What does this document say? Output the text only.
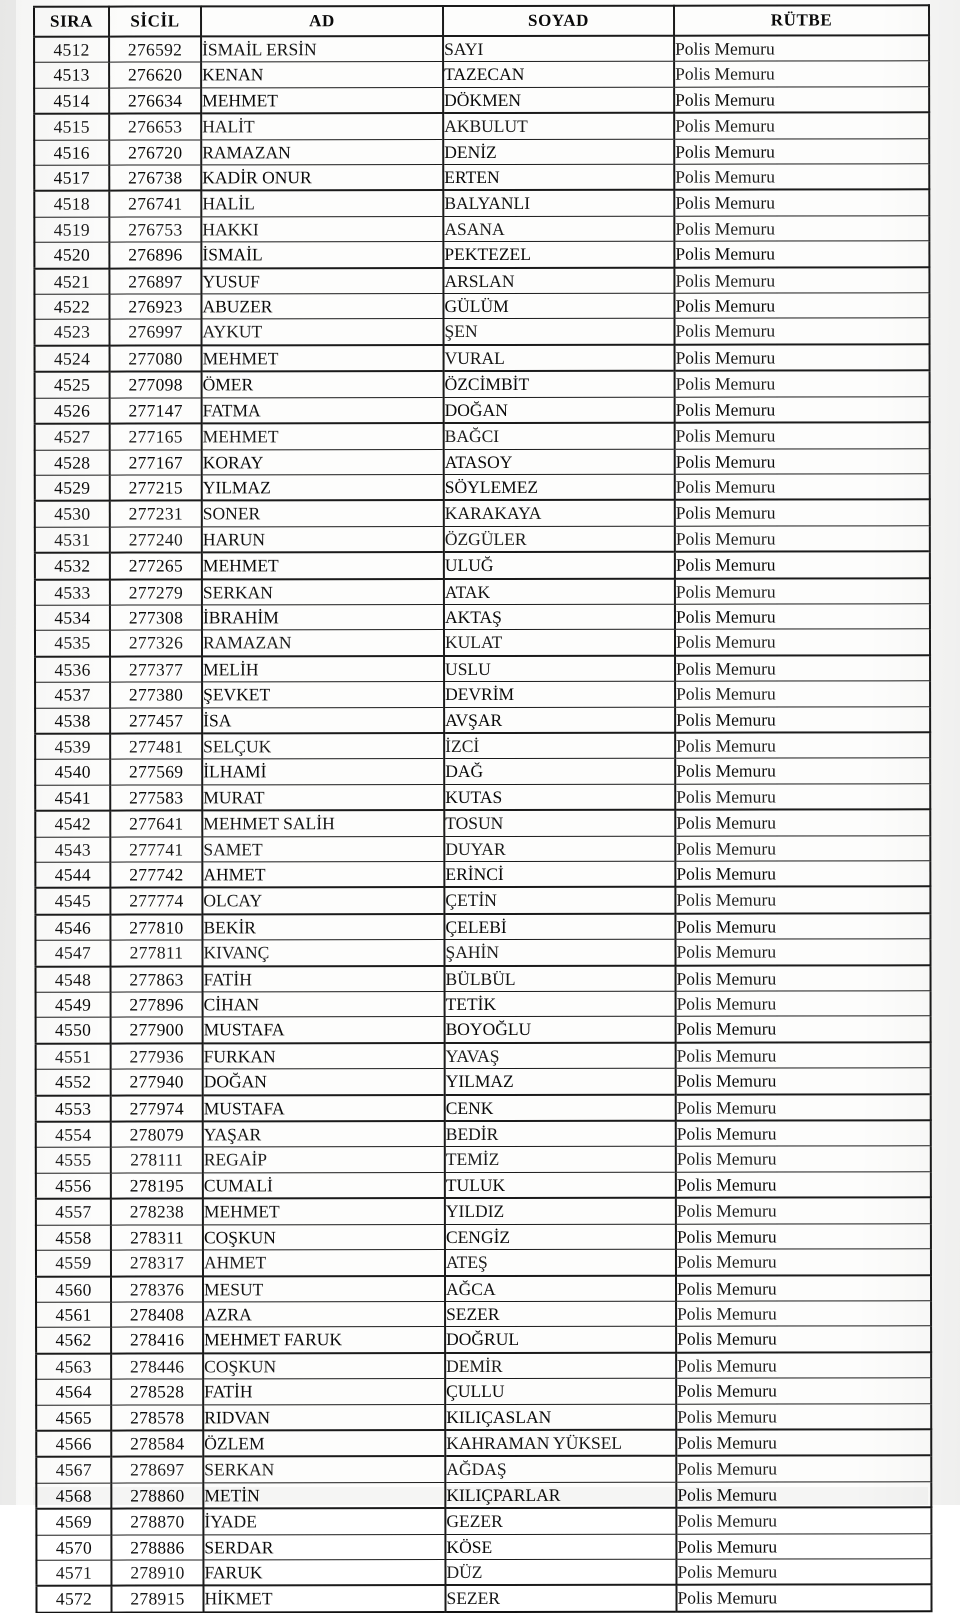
SIRA	SİCİL	AD	SOYAD	RÜTBE
4512	276592	İSMAİL ERSİN	SAYI	Polis Memuru
4513	276620	KENAN	TAZECAN	Polis Memuru
4514	276634	MEHMET	DÖKMEN	Polis Memuru
4515	276653	HALİT	AKBULUT	Polis Memuru
4516	276720	RAMAZAN	DENİZ	Polis Memuru
4517	276738	KADİR ONUR	ERTEN	Polis Memuru
4518	276741	HALİL	BALYANLI	Polis Memuru
4519	276753	HAKKI	ASANA	Polis Memuru
4520	276896	İSMAİL	PEKTEZEL	Polis Memuru
4521	276897	YUSUF	ARSLAN	Polis Memuru
4522	276923	ABUZER	GÜLÜM	Polis Memuru
4523	276997	AYKUT	ŞEN	Polis Memuru
4524	277080	MEHMET	VURAL	Polis Memuru
4525	277098	ÖMER	ÖZCİMBİT	Polis Memuru
4526	277147	FATMA	DOĞAN	Polis Memuru
4527	277165	MEHMET	BAĞCI	Polis Memuru
4528	277167	KORAY	ATASOY	Polis Memuru
4529	277215	YILMAZ	SÖYLEMEZ	Polis Memuru
4530	277231	SONER	KARAKAYA	Polis Memuru
4531	277240	HARUN	ÖZGÜLER	Polis Memuru
4532	277265	MEHMET	ULUĞ	Polis Memuru
4533	277279	SERKAN	ATAK	Polis Memuru
4534	277308	İBRAHİM	AKTAŞ	Polis Memuru
4535	277326	RAMAZAN	KULAT	Polis Memuru
4536	277377	MELİH	USLU	Polis Memuru
4537	277380	ŞEVKET	DEVRİM	Polis Memuru
4538	277457	İSA	AVŞAR	Polis Memuru
4539	277481	SELÇUK	İZCİ	Polis Memuru
4540	277569	İLHAMİ	DAĞ	Polis Memuru
4541	277583	MURAT	KUTAS	Polis Memuru
4542	277641	MEHMET SALİH	TOSUN	Polis Memuru
4543	277741	SAMET	DUYAR	Polis Memuru
4544	277742	AHMET	ERİNCİ	Polis Memuru
4545	277774	OLCAY	ÇETİN	Polis Memuru
4546	277810	BEKİR	ÇELEBİ	Polis Memuru
4547	277811	KIVANÇ	ŞAHİN	Polis Memuru
4548	277863	FATİH	BÜLBÜL	Polis Memuru
4549	277896	CİHAN	TETİK	Polis Memuru
4550	277900	MUSTAFA	BOYOĞLU	Polis Memuru
4551	277936	FURKAN	YAVAŞ	Polis Memuru
4552	277940	DOĞAN	YILMAZ	Polis Memuru
4553	277974	MUSTAFA	CENK	Polis Memuru
4554	278079	YAŞAR	BEDİR	Polis Memuru
4555	278111	REGAİP	TEMİZ	Polis Memuru
4556	278195	CUMALİ	TULUK	Polis Memuru
4557	278238	MEHMET	YILDIZ	Polis Memuru
4558	278311	COŞKUN	CENGİZ	Polis Memuru
4559	278317	AHMET	ATEŞ	Polis Memuru
4560	278376	MESUT	AĞCA	Polis Memuru
4561	278408	AZRA	SEZER	Polis Memuru
4562	278416	MEHMET FARUK	DOĞRUL	Polis Memuru
4563	278446	COŞKUN	DEMİR	Polis Memuru
4564	278528	FATİH	ÇULLU	Polis Memuru
4565	278578	RIDVAN	KILIÇASLAN	Polis Memuru
4566	278584	ÖZLEM	KAHRAMAN YÜKSEL	Polis Memuru
4567	278697	SERKAN	AĞDAŞ	Polis Memuru
4568	278860	METİN	KILIÇPARLAR	Polis Memuru
4569	278870	İYADE	GEZER	Polis Memuru
4570	278886	SERDAR	KÖSE	Polis Memuru
4571	278910	FARUK	DÜZ	Polis Memuru
4572	278915	HİKMET	SEZER	Polis Memuru
